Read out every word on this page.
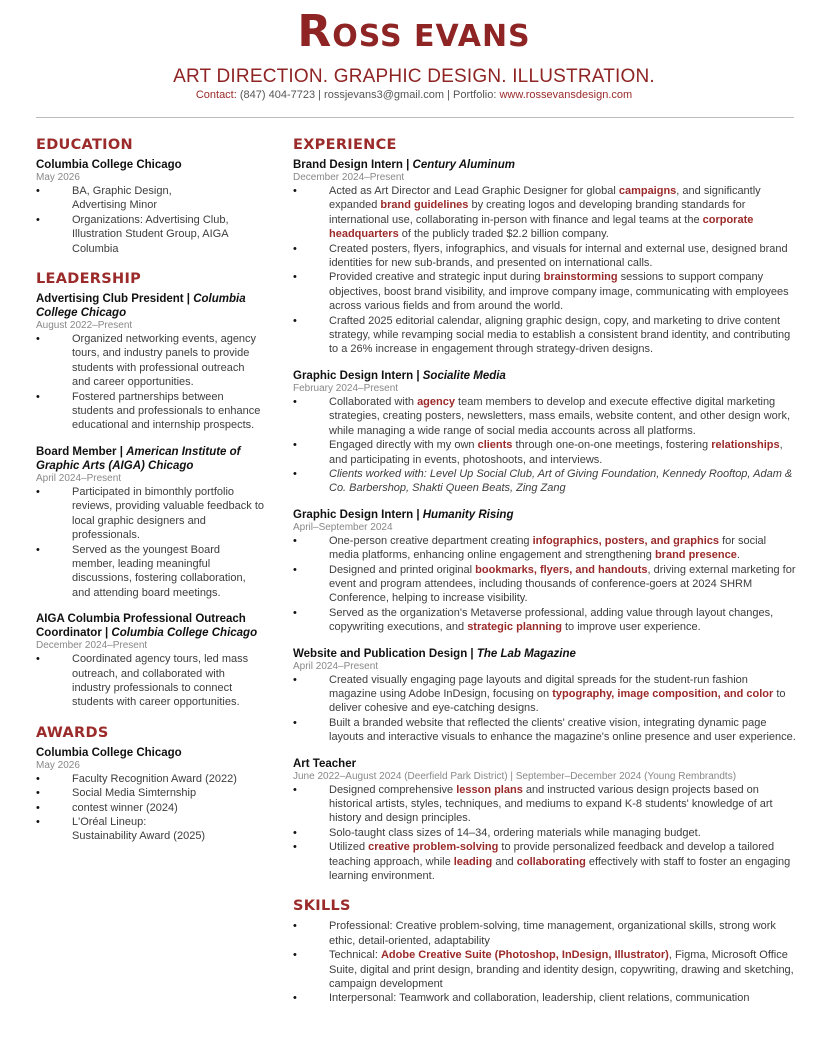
ROSS EVANS
ART DIRECTION. GRAPHIC DESIGN. ILLUSTRATION.
Contact: (847) 404-7723 | rossjevans3@gmail.com | Portfolio: www.rossevansdesign.com
EDUCATION
Columbia College Chicago
May 2026
• BA, Graphic Design,
Advertising Minor
• Organizations: Advertising Club, Illustration Student Group, AIGA Columbia
LEADERSHIP
Advertising Club President | Columbia College Chicago
August 2022–Present
• Organized networking events, agency tours, and industry panels to provide students with professional outreach and career opportunities.
• Fostered partnerships between students and professionals to enhance educational and internship prospects.
Board Member | American Institute of Graphic Arts (AIGA) Chicago
April 2024–Present
• Participated in bimonthly portfolio reviews, providing valuable feedback to local graphic designers and professionals.
• Served as the youngest Board member, leading meaningful discussions, fostering collaboration, and attending board meetings.
AIGA Columbia Professional Outreach Coordinator | Columbia College Chicago
December 2024–Present
• Coordinated agency tours, led mass outreach, and collaborated with industry professionals to connect students with career opportunities.
AWARDS
Columbia College Chicago
May 2026
• Faculty Recognition Award (2022)
• Social Media Simternship
• contest winner (2024)
• L'Oréal Lineup:
Sustainability Award (2025)
EXPERIENCE
Brand Design Intern | Century Aluminum
December 2024–Present
• Acted as Art Director and Lead Graphic Designer for global campaigns, and significantly expanded brand guidelines by creating logos and developing branding standards for international use, collaborating in-person with finance and legal teams at the corporate headquarters of the publicly traded $2.2 billion company.
• Created posters, flyers, infographics, and visuals for internal and external use, designed brand identities for new sub-brands, and presented on international calls.
• Provided creative and strategic input during brainstorming sessions to support company objectives, boost brand visibility, and improve company image, communicating with employees across various fields and from around the world.
• Crafted 2025 editorial calendar, aligning graphic design, copy, and marketing to drive content strategy, while revamping social media to establish a consistent brand identity, and contributing to a 26% increase in engagement through strategy-driven designs.
Graphic Design Intern | Socialite Media
February 2024–Present
• Collaborated with agency team members to develop and execute effective digital marketing strategies, creating posters, newsletters, mass emails, website content, and other design work, while managing a wide range of social media accounts across all platforms.
• Engaged directly with my own clients through one-on-one meetings, fostering relationships, and participating in events, photoshoots, and interviews.
• Clients worked with: Level Up Social Club, Art of Giving Foundation, Kennedy Rooftop, Adam & Co. Barbershop, Shakti Queen Beats, Zing Zang
Graphic Design Intern | Humanity Rising
April–September 2024
• One-person creative department creating infographics, posters, and graphics for social media platforms, enhancing online engagement and strengthening brand presence.
• Designed and printed original bookmarks, flyers, and handouts, driving external marketing for event and program attendees, including thousands of conference-goers at 2024 SHRM Conference, helping to increase visibility.
• Served as the organization's Metaverse professional, adding value through layout changes, copywriting executions, and strategic planning to improve user experience.
Website and Publication Design | The Lab Magazine
April 2024–Present
• Created visually engaging page layouts and digital spreads for the student-run fashion magazine using Adobe InDesign, focusing on typography, image composition, and color to deliver cohesive and eye-catching designs.
• Built a branded website that reflected the clients' creative vision, integrating dynamic page layouts and interactive visuals to enhance the magazine's online presence and user experience.
Art Teacher
June 2022–August 2024 (Deerfield Park District) | September–December 2024 (Young Rembrandts)
• Designed comprehensive lesson plans and instructed various design projects based on historical artists, styles, techniques, and mediums to expand K-8 students' knowledge of art history and design principles.
• Solo-taught class sizes of 14–34, ordering materials while managing budget.
• Utilized creative problem-solving to provide personalized feedback and develop a tailored teaching approach, while leading and collaborating effectively with staff to foster an engaging learning environment.
SKILLS
• Professional: Creative problem-solving, time management, organizational skills, strong work ethic, detail-oriented, adaptability
• Technical: Adobe Creative Suite (Photoshop, InDesign, Illustrator), Figma, Microsoft Office Suite, digital and print design, branding and identity design, copywriting, drawing and sketching, campaign development
• Interpersonal: Teamwork and collaboration, leadership, client relations, communication
